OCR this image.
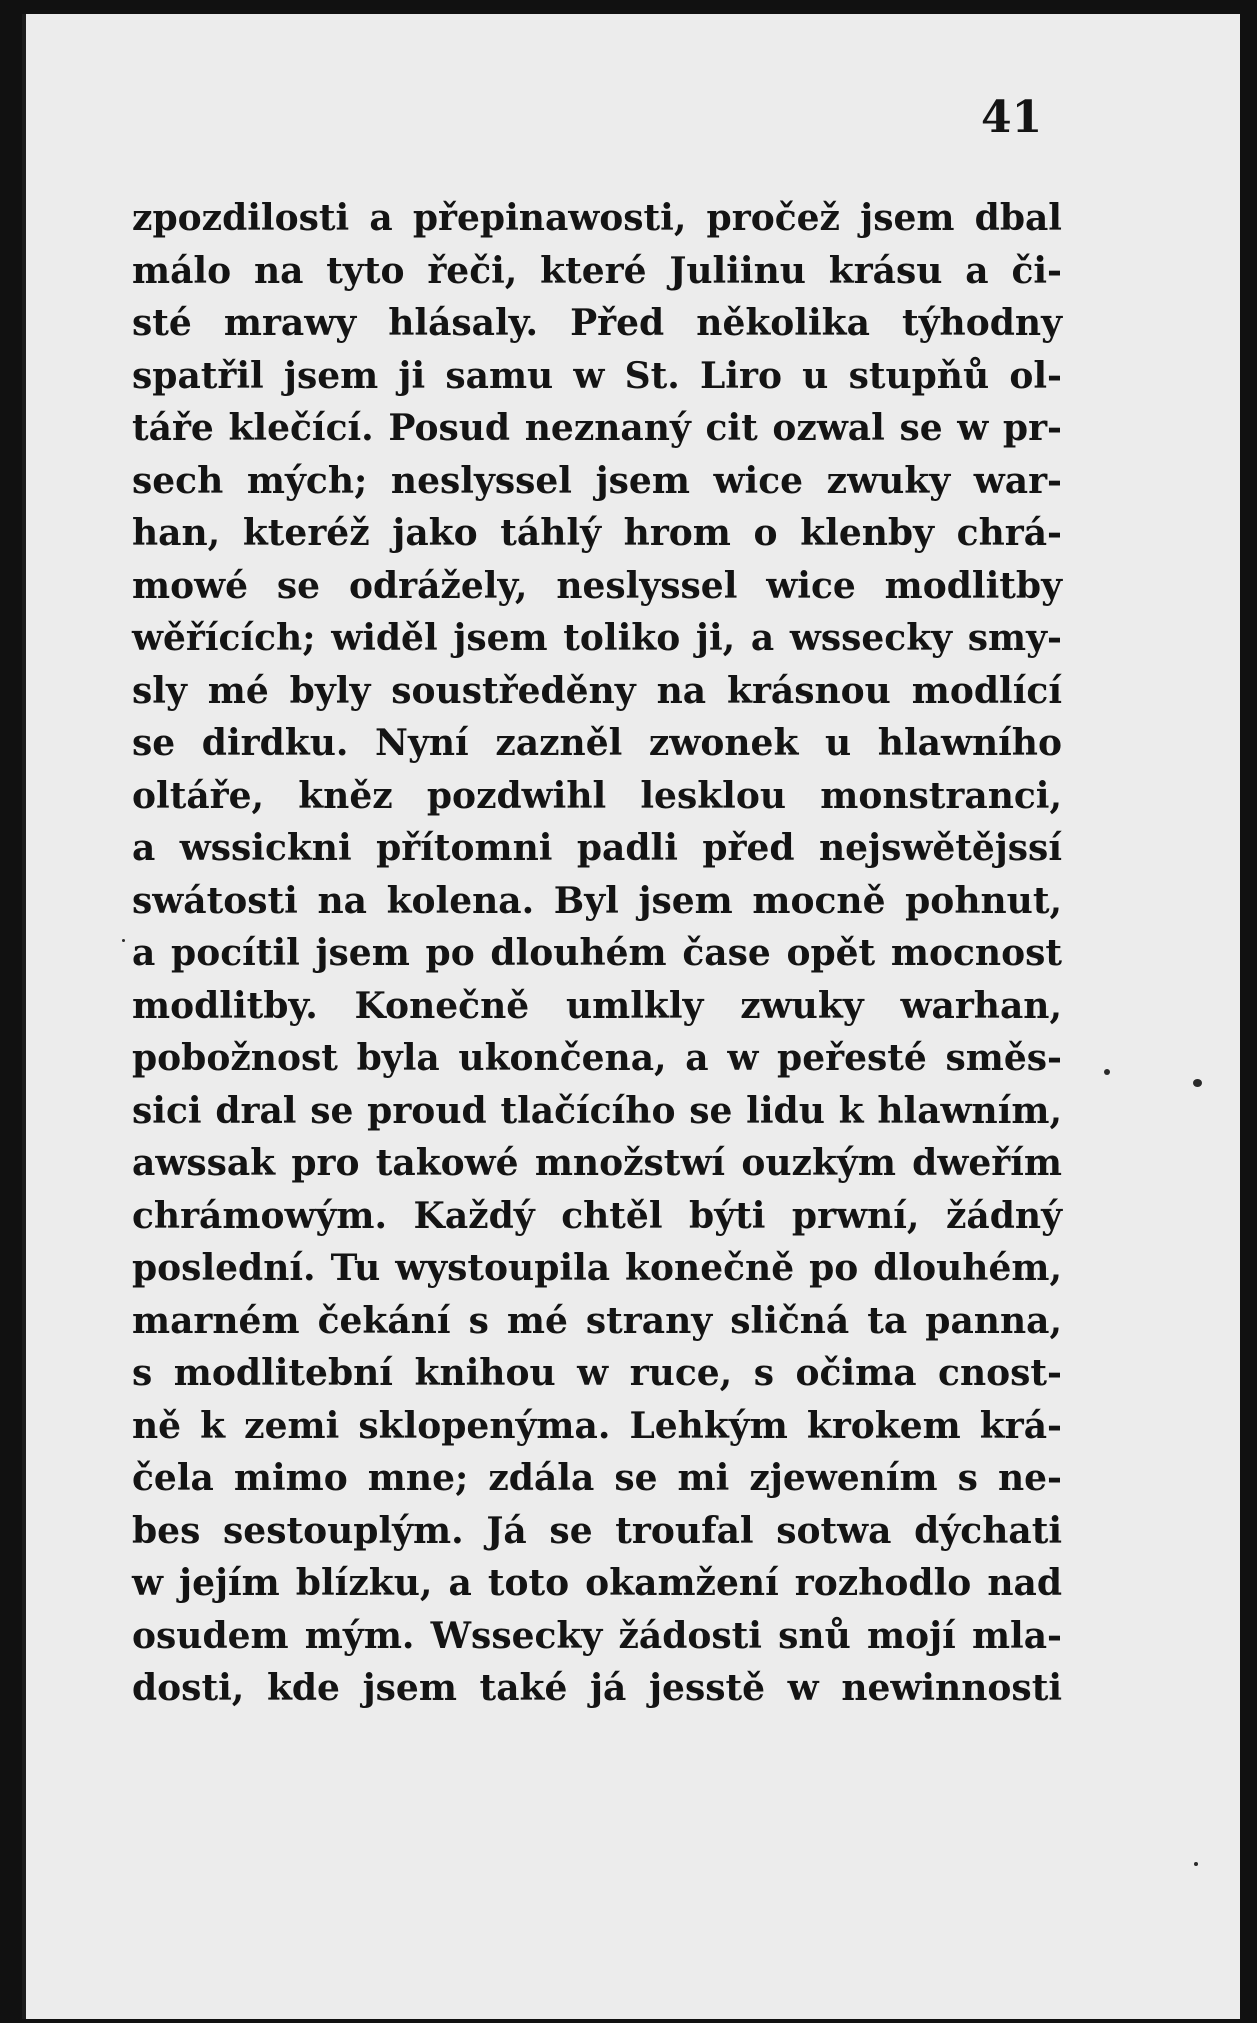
41
zpozdilosti a přepinawosti, pročež jsem dbal
málo na tyto řeči, které Juliinu krásu a či-
sté mrawy hlásaly. Před několika týhodny
spatřil jsem ji samu w St. Liro u stupňů ol-
táře klečící. Posud neznaný cit ozwal se w pr-
sech mých; neslyssel jsem wice zwuky war-
han, kteréž jako táhlý hrom o klenby chrá-
mowé se odrážely, neslyssel wice modlitby
wěřících; widěl jsem toliko ji, a wssecky smy-
sly mé byly soustředěny na krásnou modlící
se dirdku. Nyní zazněl zwonek u hlawního
oltáře, kněz pozdwihl lesklou monstranci,
a wssickni přítomni padli před nejswětějssí
swátosti na kolena. Byl jsem mocně pohnut,
a pocítil jsem po dlouhém čase opět mocnost
modlitby. Konečně umlkly zwuky warhan,
pobožnost byla ukončena, a w peřesté směs-
sici dral se proud tlačícího se lidu k hlawním,
awssak pro takowé množstwí ouzkým dweřím
chrámowým. Každý chtěl býti prwní, žádný
poslední. Tu wystoupila konečně po dlouhém,
marném čekání s mé strany sličná ta panna,
s modlitební knihou w ruce, s očima cnost-
ně k zemi sklopenýma. Lehkým krokem krá-
čela mimo mne; zdála se mi zjewením s ne-
bes sestouplým. Já se troufal sotwa dýchati
w jejím blízku, a toto okamžení rozhodlo nad
osudem mým. Wssecky žádosti snů mojí mla-
dosti, kde jsem také já jesstě w newinnosti
